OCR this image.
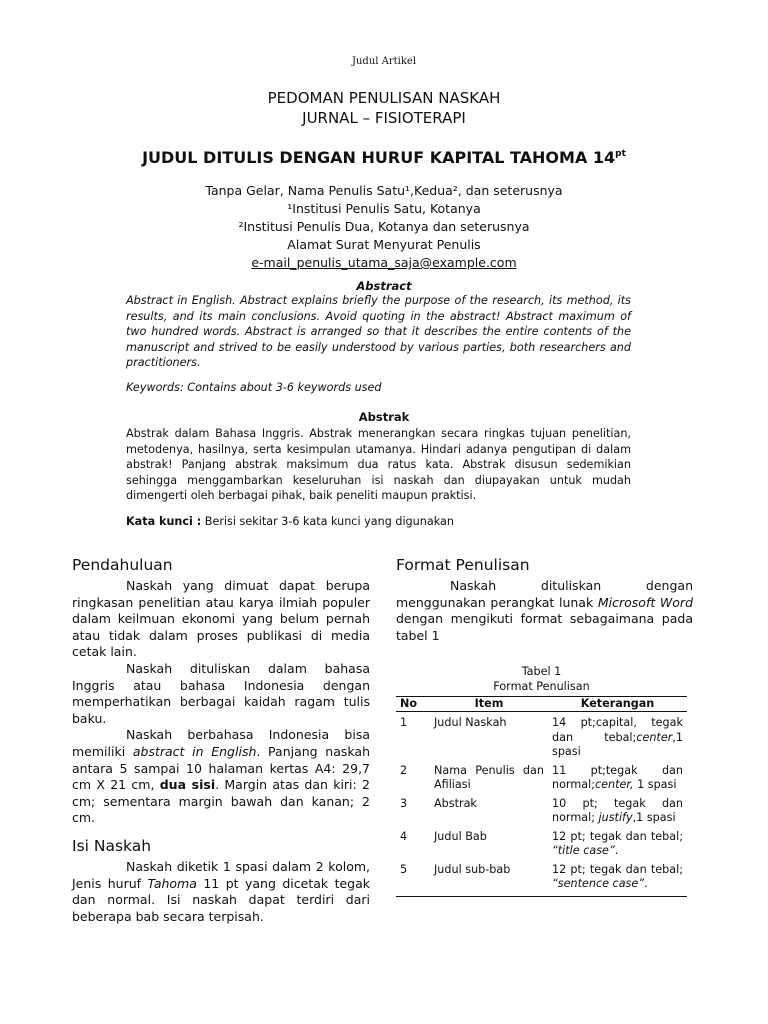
Judul Artikel
PEDOMAN PENULISAN NASKAH
JURNAL – FISIOTERAPI
JUDUL DITULIS DENGAN HURUF KAPITAL TAHOMA $14^{pt}$
Tanpa Gelar, Nama Penulis Satu¹,Kedua², dan seterusnya
¹Institusi Penulis Satu, Kotanya
²Institusi Penulis Dua, Kotanya dan seterusnya
Alamat Surat Menyurat Penulis
e-mail_penulis_utama_saja@example.com
Abstract
Abstract in English. Abstract explains briefly the purpose of the research, its method, its results, and its main conclusions. Avoid quoting in the abstract! Abstract maximum of two hundred words. Abstract is arranged so that it describes the entire contents of the manuscript and strived to be easily understood by various parties, both researchers and practitioners.
Keywords: Contains about 3-6 keywords used
Abstrak
Abstrak dalam Bahasa Inggris. Abstrak menerangkan secara ringkas tujuan penelitian, metodenya, hasilnya, serta kesimpulan utamanya. Hindari adanya pengutipan di dalam abstrak! Panjang abstrak maksimum dua ratus kata. Abstrak disusun sedemikian sehingga menggambarkan keseluruhan isi naskah dan diupayakan untuk mudah dimengerti oleh berbagai pihak, baik peneliti maupun praktisi.
Kata kunci : Berisi sekitar 3-6 kata kunci yang digunakan
Pendahuluan

Naskah yang dimuat dapat berupa ringkasan penelitian atau karya ilmiah populer dalam keilmuan ekonomi yang belum pernah atau tidak dalam proses publikasi di media cetak lain.

Naskah dituliskan dalam bahasa Inggris atau bahasa Indonesia dengan memperhatikan berbagai kaidah ragam tulis baku.

Naskah berbahasa Indonesia bisa memiliki abstract in English. Panjang naskah antara 5 sampai 10 halaman kertas A4: 29,7 cm X 21 cm, dua sisi. Margin atas dan kiri: 2 cm; sementara margin bawah dan kanan; 2 cm.

Isi Naskah

Naskah diketik 1 spasi dalam 2 kolom, Jenis huruf Tahoma 11 pt yang dicetak tegak dan normal. Isi naskah dapat terdiri dari beberapa bab secara terpisah.

Format Penulisan

Naskah dituliskan dengan menggunakan perangkat lunak Microsoft Word dengan mengikuti format sebagaimana pada tabel 1

Tabel 1
Format Penulisan
No	Item	Keterangan
1	Judul Naskah	14 pt;capital, tegak dan tebal;center,1 spasi
2	Nama Penulis dan Afiliasi	11 pt;tegak dan normal;center, 1 spasi
3	Abstrak	10 pt; tegak dan normal; justify,1 spasi
4	Judul Bab	12 pt; tegak dan tebal; “title case”.
5	Judul sub-bab	12 pt; tegak dan tebal; “sentence case”.
